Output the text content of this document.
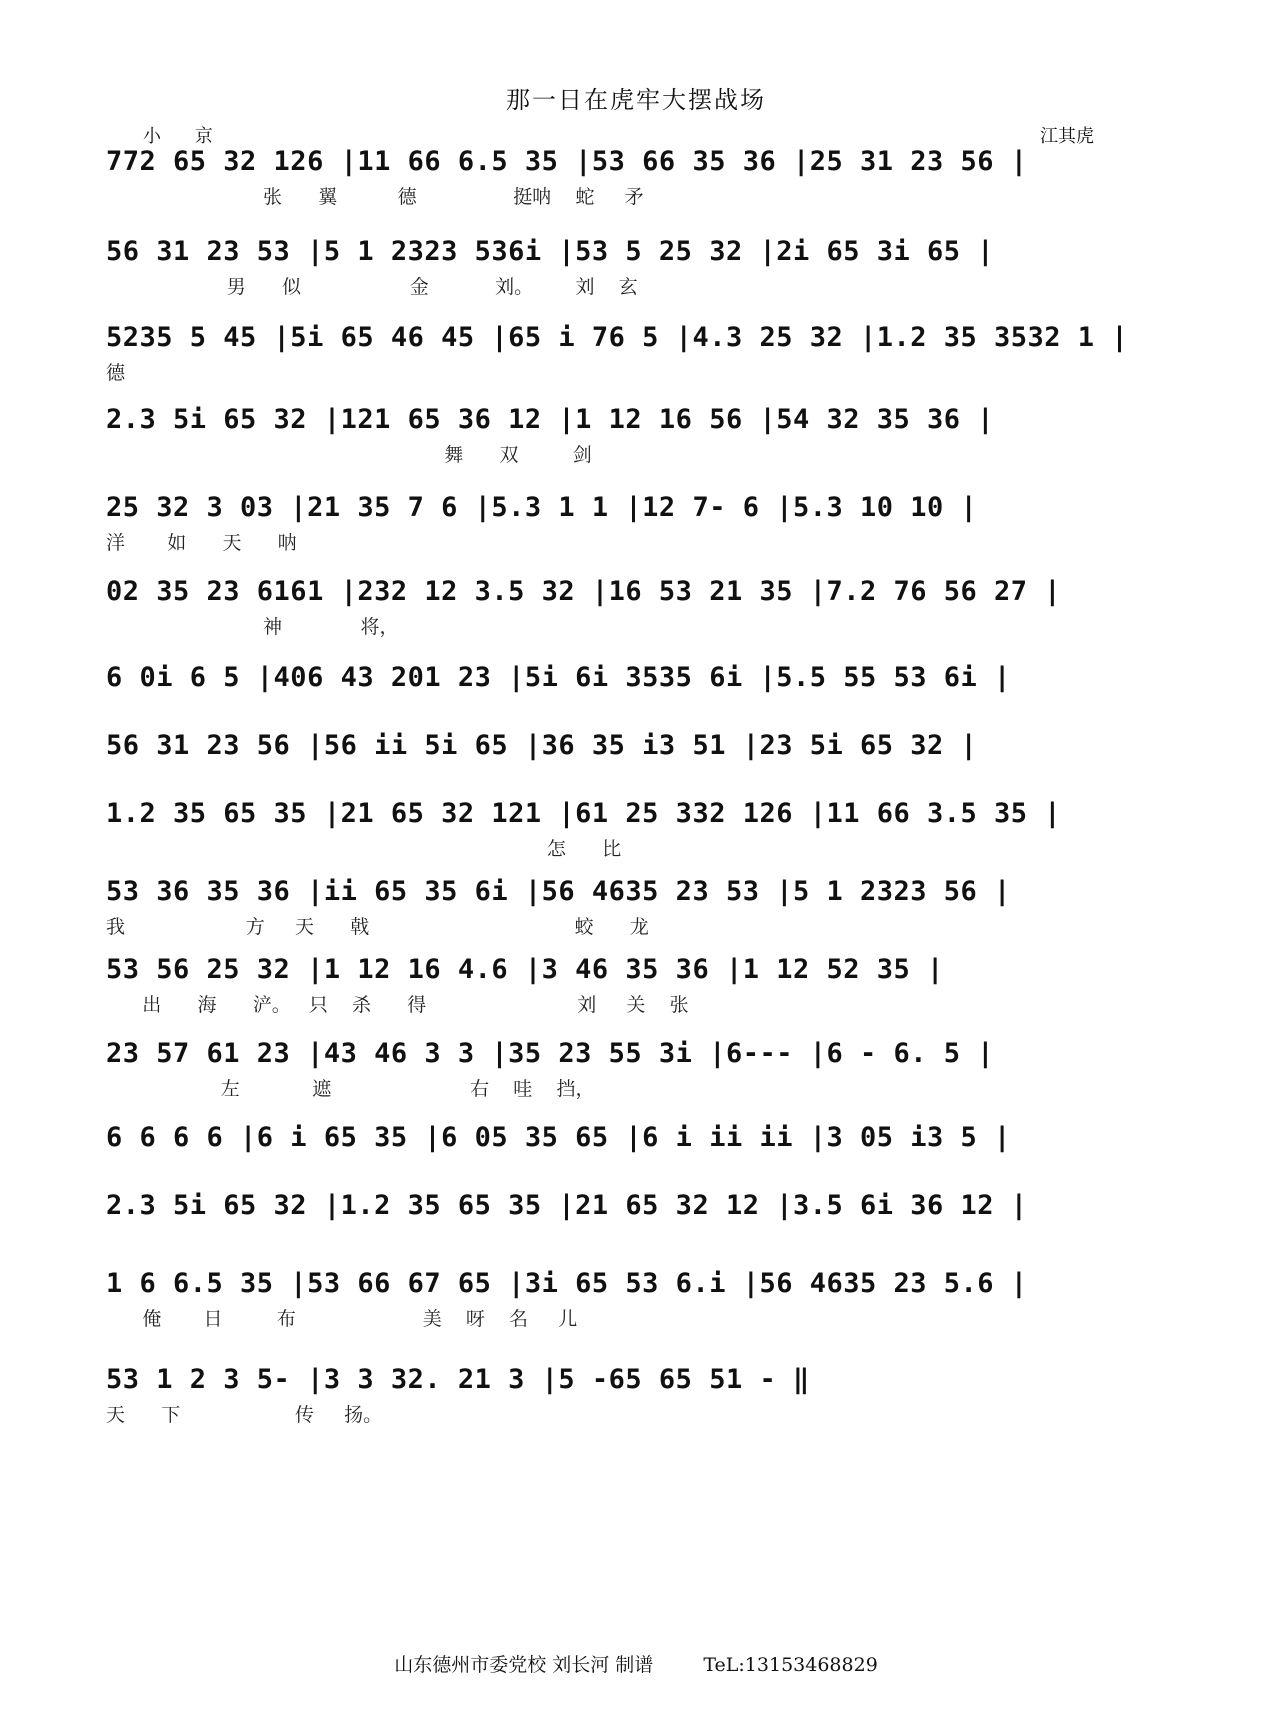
那一日在虎牢大摆战场
小 京	江其虎
772 65 32 126 |11 66 6.5 35 |53 66 35 36 |25 31 23 56 |
张      翼          德                挺呐    蛇     矛
56 31 23 53 |5 1 2323 536i |53 5 25 32 |2i 65 3i 65 |
男      似                  金           刘。       刘    玄
5235 5 45 |5i 65 46 45 |65 i 76 5 |4.3 25 32 |1.2 35 3532 1 |
德
2.3 5i 65 32 |121 65 36 12 |1 12 16 56 |54 32 35 36 |
舞      双         剑
25 32 3 03 |21 35 7 6 |5.3 1 1 |12 7- 6 |5.3 10 10 |
洋       如      天      呐
02 35 23 6161 |232 12 3.5 32 |16 53 21 35 |7.2 76 56 27 |
神             将，
6 0i 6 5 |406 43 201 23 |5i 6i 3535 6i |5.5 55 53 6i |
56 31 23 56 |56 ii 5i 65 |36 35 i3 51 |23 5i 65 32 |
1.2 35 65 35 |21 65 32 121 |61 25 332 126 |11 66 3.5 35 |
怎      比
53 36 35 36 |ii 65 35 6i |56 4635 23 53 |5 1 2323 56 |
我                    方     天      戟                                  蛟      龙
53 56 25 32 |1 12 16 4.6 |3 46 35 36 |1 12 52 35 |
出      海      浐。   只    杀      得                         刘     关    张
23 57 61 23 |43 46 3 3 |35 23 55 3i |6--- |6 - 6. 5 |
左            遮                       右    哇    挡，
6 6 6 6 |6 i 65 35 |6 05 35 65 |6 i ii ii |3 05 i3 5 |
2.3 5i 65 32 |1.2 35 65 35 |21 65 32 12 |3.5 6i 36 12 |
1 6 6.5 35 |53 66 67 65 |3i 65 53 6.i |56 4635 23 5.6 |
俺       日         布                     美    呀    名     儿
53 1 2 3 5- |3 3 32. 21 3 |5 -65 65 51 - ‖
天      下                   传     扬。
山东德州市委党校 刘长河 制谱	TeL:13153468829
